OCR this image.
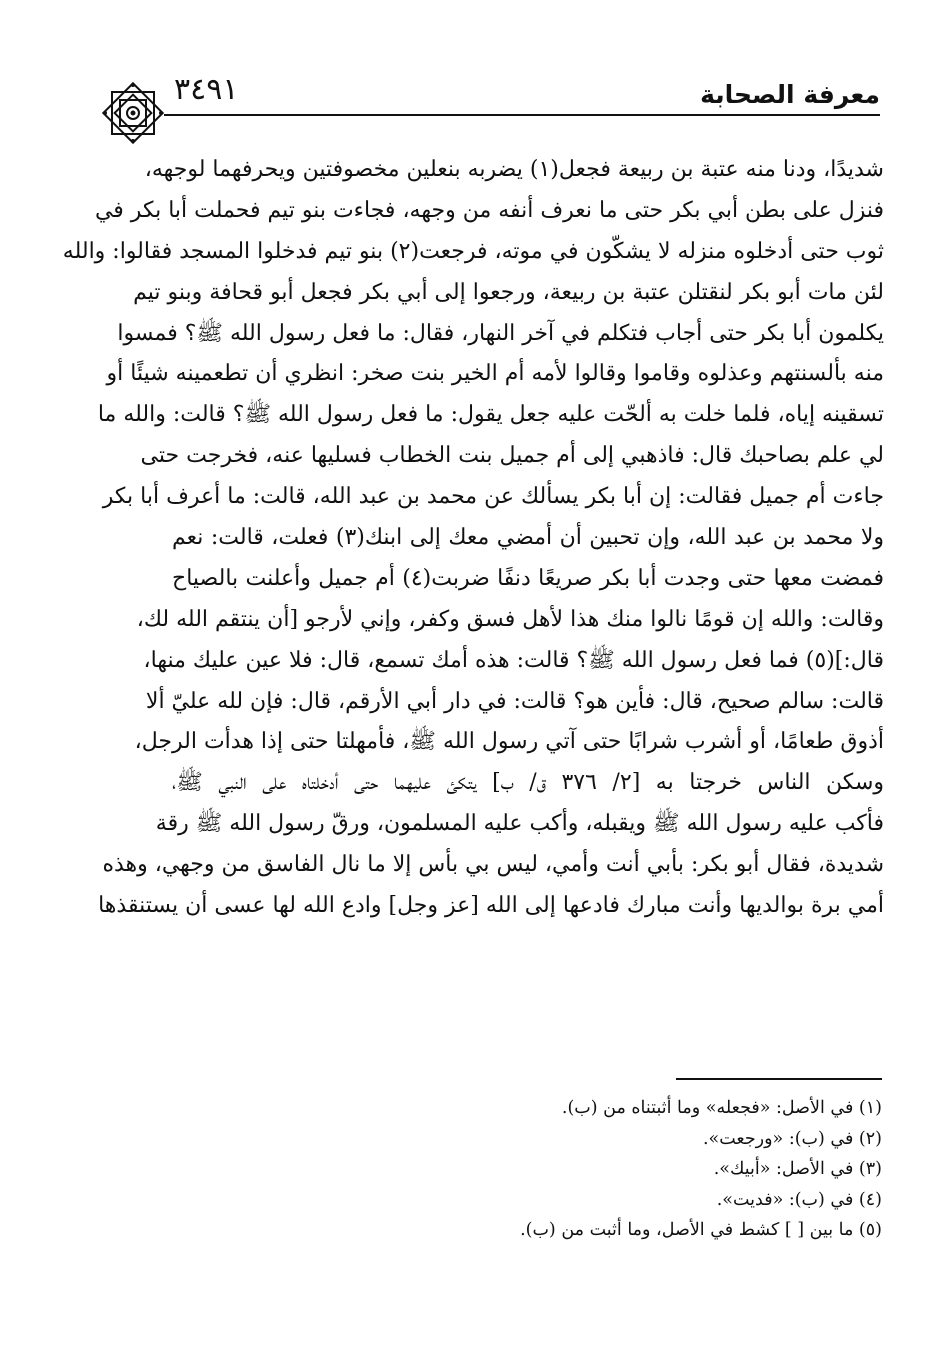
معرفة الصحابة
٣٤٩١
شديدًا، ودنا منه عتبة بن ربيعة فجعل(١) يضربه بنعلين مخصوفتين ويحرفهما لوجهه،
فنزل على بطن أبي بكر حتى ما نعرف أنفه من وجهه، فجاءت بنو تيم فحملت أبا بكر في
ثوب حتى أدخلوه منزله لا يشكّون في موته، فرجعت(٢) بنو تيم فدخلوا المسجد فقالوا: والله
لئن مات أبو بكر لنقتلن عتبة بن ربيعة، ورجعوا إلى أبي بكر فجعل أبو قحافة وبنو تيم
يكلمون أبا بكر حتى أجاب فتكلم في آخر النهار، فقال: ما فعل رسول الله ﷺ؟ فمسوا
منه بألسنتهم وعذلوه وقاموا وقالوا لأمه أم الخير بنت صخر: انظري أن تطعمينه شيئًا أو
تسقينه إياه، فلما خلت به ألحّت عليه جعل يقول: ما فعل رسول الله ﷺ؟ قالت: والله ما
لي علم بصاحبك قال: فاذهبي إلى أم جميل بنت الخطاب فسليها عنه، فخرجت حتى
جاءت أم جميل فقالت: إن أبا بكر يسألك عن محمد بن عبد الله، قالت: ما أعرف أبا بكر
ولا محمد بن عبد الله، وإن تحبين أن أمضي معك إلى ابنك(٣) فعلت، قالت: نعم
فمضت معها حتى وجدت أبا بكر صريعًا دنفًا ضربت(٤) أم جميل وأعلنت بالصياح
وقالت: والله إن قومًا نالوا منك هذا لأهل فسق وكفر، وإني لأرجو [أن ينتقم الله لك،
قال:](٥) فما فعل رسول الله ﷺ؟ قالت: هذه أمك تسمع، قال: فلا عين عليك منها،
قالت: سالم صحيح، قال: فأين هو؟ قالت: في دار أبي الأرقم، قال: فإن لله عليّ ألا
أذوق طعامًا، أو أشرب شرابًا حتى آتي رسول الله ﷺ، فأمهلتا حتى إذا هدأت الرجل،
وسكن الناس خرجتا به [٢/ ٣٧٦ ق/ ب] يتكئ عليهما حتى أدخلتاه على النبي ﷺ،
فأكب عليه رسول الله ﷺ ويقبله، وأكب عليه المسلمون، ورقّ رسول الله ﷺ رقة
شديدة، فقال أبو بكر: بأبي أنت وأمي، ليس بي بأس إلا ما نال الفاسق من وجهي، وهذه
أمي برة بوالديها وأنت مبارك فادعها إلى الله [عز وجل] وادع الله لها عسى أن يستنقذها
(١) في الأصل: «فجعله» وما أثبتناه من (ب).
(٢) في (ب): «ورجعت».
(٣) في الأصل: «أبيك».
(٤) في (ب): «فديت».
(٥) ما بين [ ] كشط في الأصل، وما أثبت من (ب).
